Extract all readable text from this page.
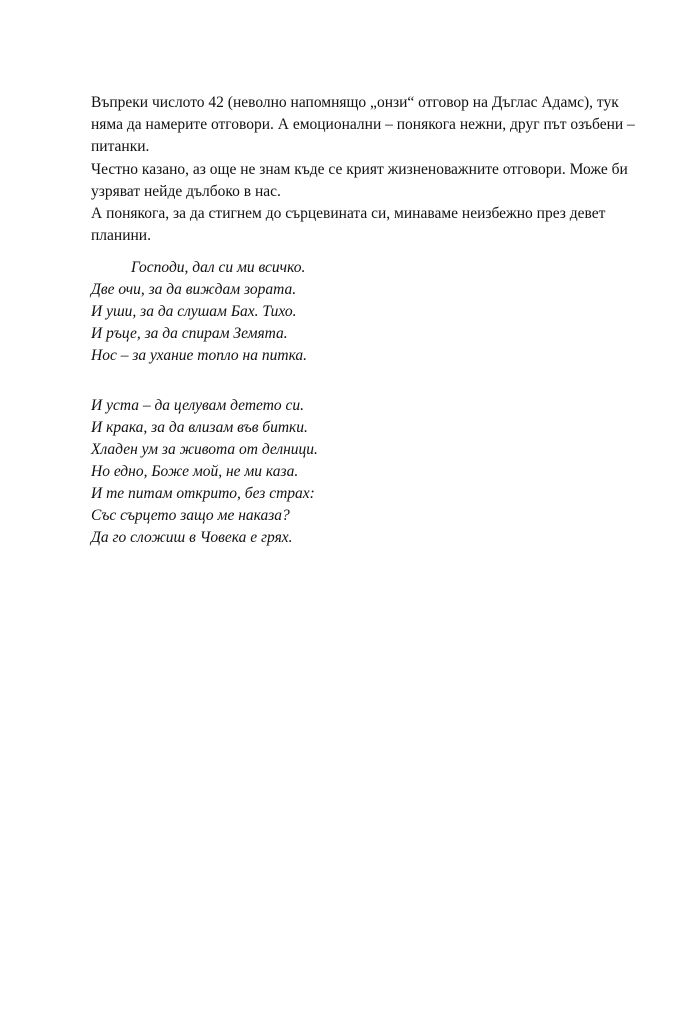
Въпреки числото 42 (неволно напомнящо „онзи“ отговор на Дъглас Адамс), тук няма да намерите отговори. А емоционални – понякога нежни, друг път озъбени – питанки.

Честно казано, аз още не знам къде се крият жизненоважните отговори. Може би узряват нейде дълбоко в нас.

А понякога, за да стигнем до сърцевината си, минаваме неизбежно през девет планини.

Господи, дал си ми всичко.
Две очи, за да виждам зората.
И уши, за да слушам Бах. Тихо.
И ръце, за да спирам Земята.
Нос – за ухание топло на питка.
И уста – да целувам детето си.
И крака, за да влизам във битки.
Хладен ум за живота от делници.
Но едно, Боже мой, не ми каза.
И те питам открито, без страх:
Със сърцето защо ме наказа?
Да го сложиш в Човека е грях.
